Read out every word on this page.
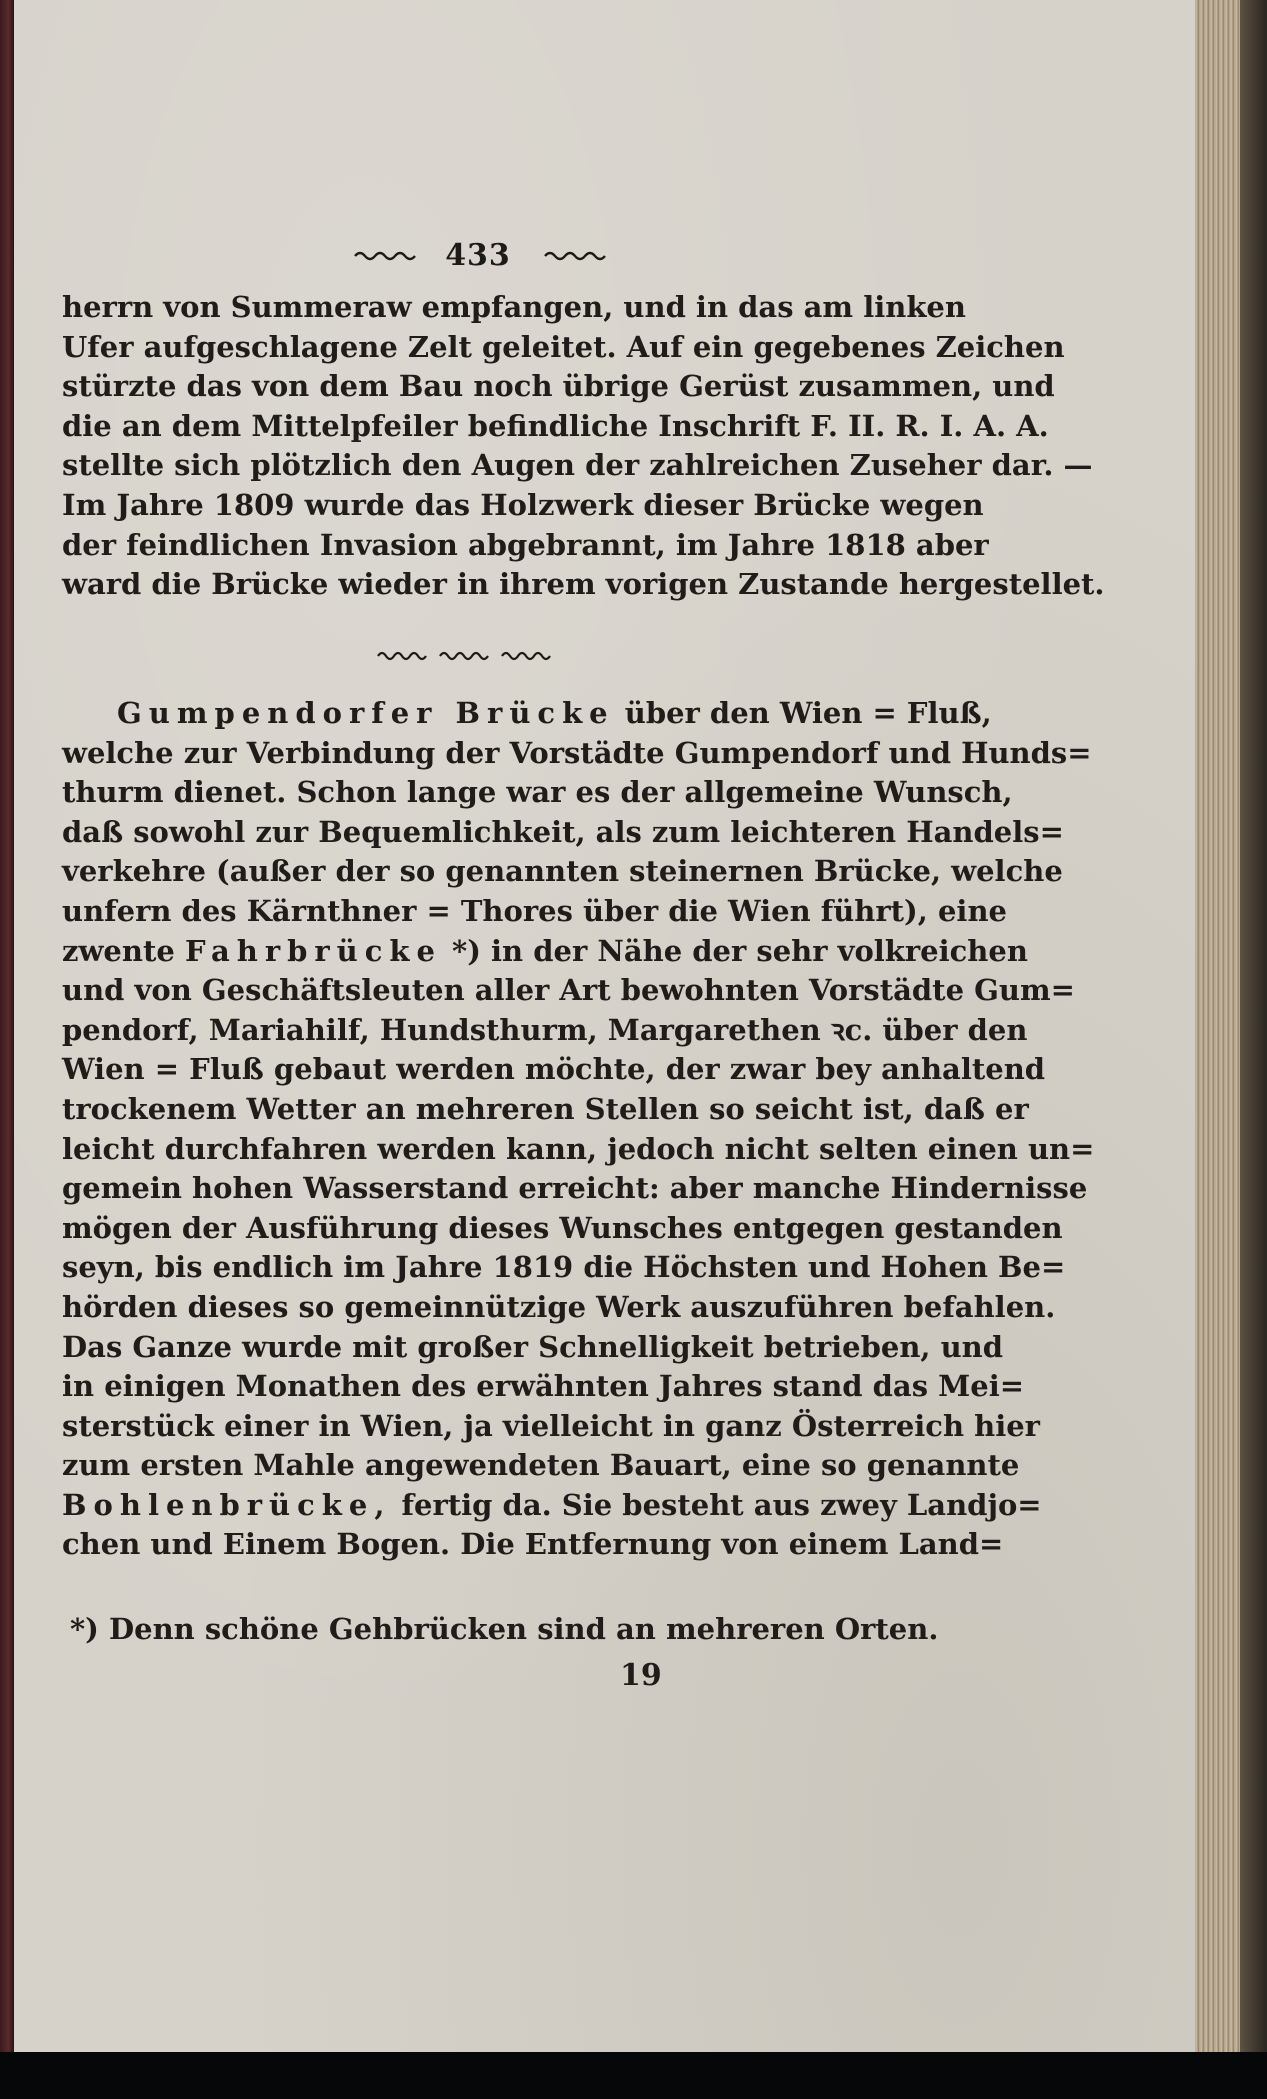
433
herrn von Summeraw empfangen, und in das am linken
Ufer aufgeschlagene Zelt geleitet. Auf ein gegebenes Zeichen
stürzte das von dem Bau noch übrige Gerüst zusammen, und
die an dem Mittelpfeiler befindliche Inschrift F. II. R. I. A. A.
stellte sich plötzlich den Augen der zahlreichen Zuseher dar. —
Im Jahre 1809 wurde das Holzwerk dieser Brücke wegen
der feindlichen Invasion abgebrannt, im Jahre 1818 aber
ward die Brücke wieder in ihrem vorigen Zustande hergestellet.
Gumpendorfer Brücke über den Wien = Fluß,
welche zur Verbindung der Vorstädte Gumpendorf und Hunds=
thurm dienet. Schon lange war es der allgemeine Wunsch,
daß sowohl zur Bequemlichkeit, als zum leichteren Handels=
verkehre (außer der so genannten steinernen Brücke, welche
unfern des Kärnthner = Thores über die Wien führt), eine
zwente Fahrbrücke *) in der Nähe der sehr volkreichen
und von Geschäftsleuten aller Art bewohnten Vorstädte Gum=
pendorf, Mariahilf, Hundsthurm, Margarethen ꝛc. über den
Wien = Fluß gebaut werden möchte, der zwar bey anhaltend
trockenem Wetter an mehreren Stellen so seicht ist, daß er
leicht durchfahren werden kann, jedoch nicht selten einen un=
gemein hohen Wasserstand erreicht: aber manche Hindernisse
mögen der Ausführung dieses Wunsches entgegen gestanden
seyn, bis endlich im Jahre 1819 die Höchsten und Hohen Be=
hörden dieses so gemeinnützige Werk auszuführen befahlen.
Das Ganze wurde mit großer Schnelligkeit betrieben, und
in einigen Monathen des erwähnten Jahres stand das Mei=
sterstück einer in Wien, ja vielleicht in ganz Österreich hier
zum ersten Mahle angewendeten Bauart, eine so genannte
Bohlenbrücke, fertig da. Sie besteht aus zwey Landjo=
chen und Einem Bogen. Die Entfernung von einem Land=
*) Denn schöne Gehbrücken sind an mehreren Orten.
19
